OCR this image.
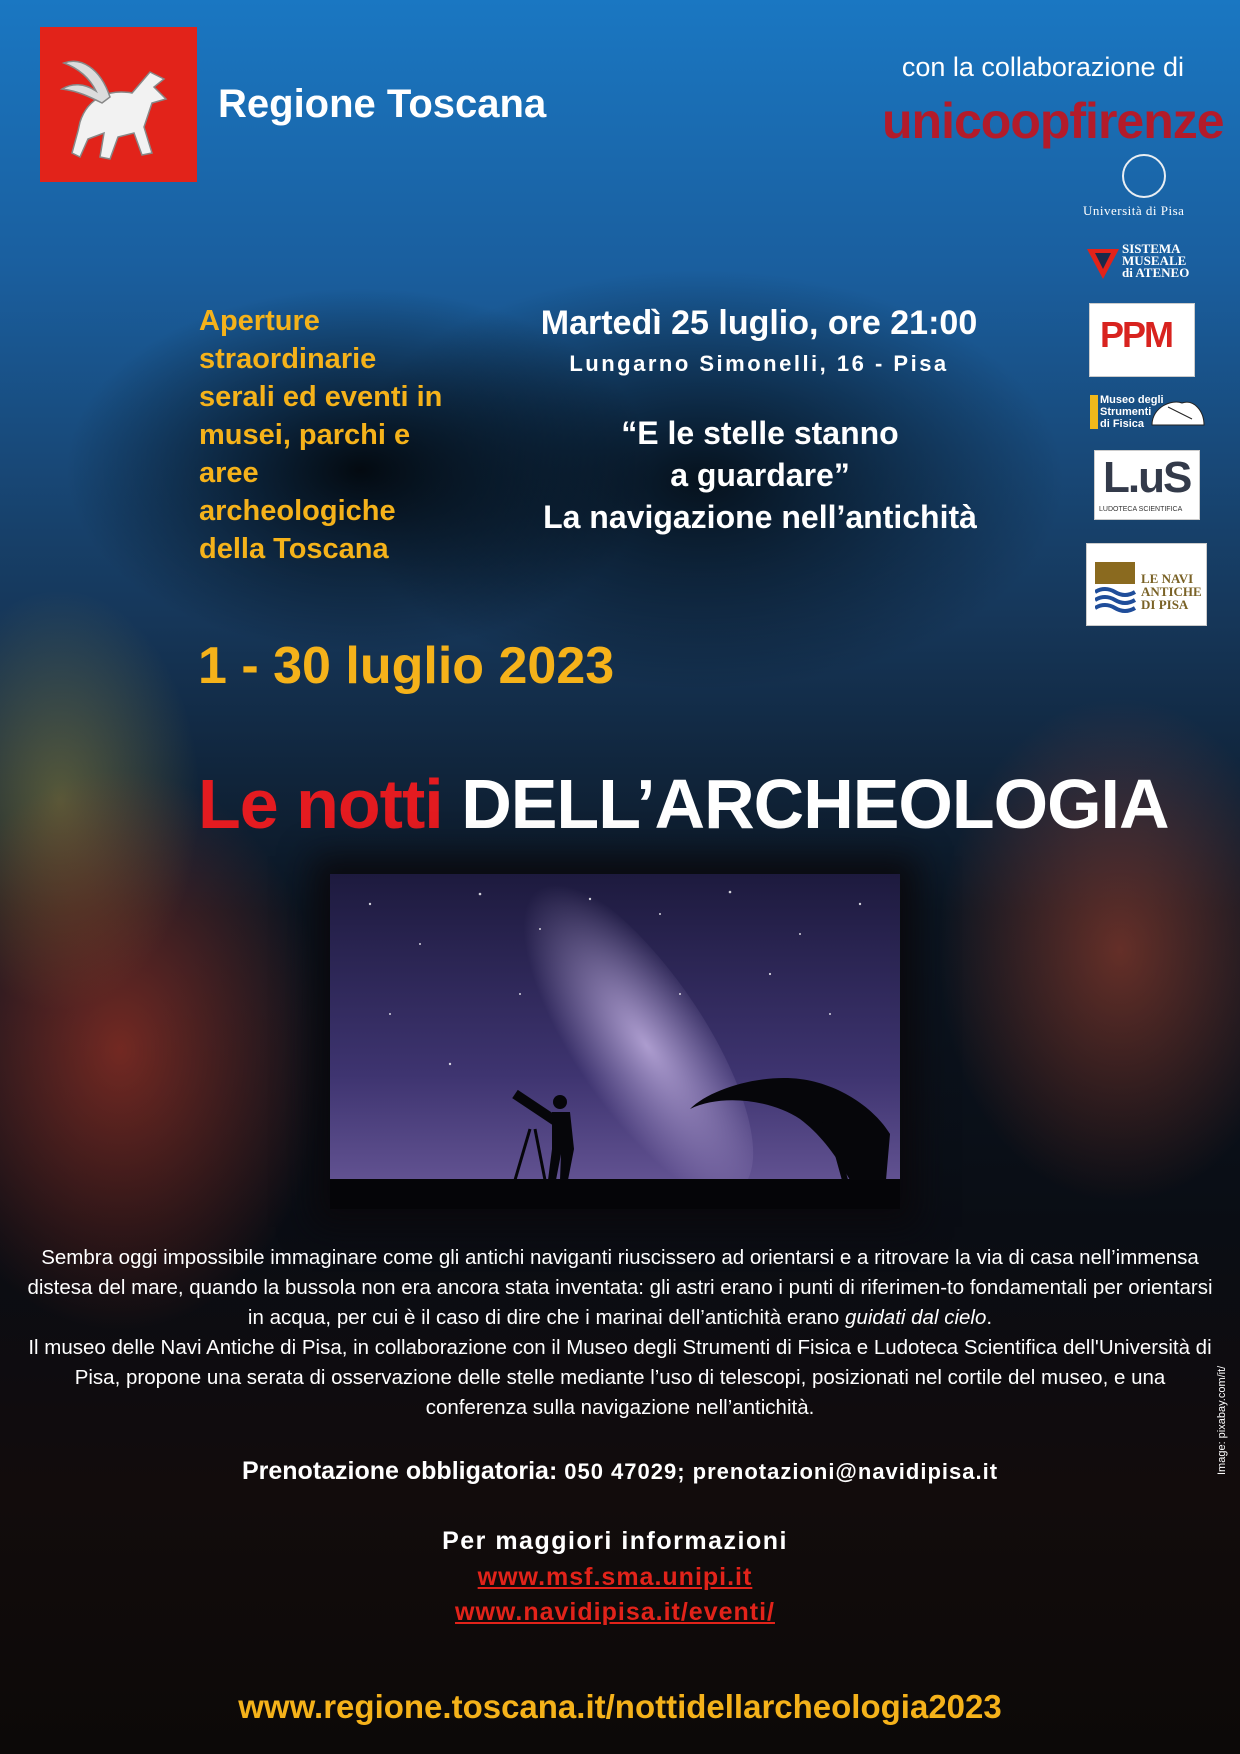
Regione Toscana
con la collaborazione di
unicoopfirenze
Università di Pisa
SISTEMA
MUSEALE
di ATENEO
PPM
Museo degli
Strumenti
di Fisica
L.uS
LUDOTECA SCIENTIFICA
LE NAVI
ANTICHE
DI PISA
Aperture straordinarie serali ed eventi in musei, parchi e aree archeologiche della Toscana
Martedì 25 luglio, ore 21:00
Lungarno Simonelli, 16 - Pisa
“E le stelle stanno
a guardare”
La navigazione nell’antichità
1 - 30 luglio 2023
Le notti DELL’ARCHEOLOGIA

Sembra oggi impossibile immaginare come gli antichi naviganti riuscissero ad orientarsi e a ritrovare la via di casa nell’immensa distesa del mare, quando la bussola non era ancora stata inventata: gli astri erano i punti di riferimen-to fondamentali per orientarsi in acqua, per cui è il caso di dire che i marinai dell’antichità erano guidati dal cielo.

Il museo delle Navi Antiche di Pisa, in collaborazione con il Museo degli Strumenti di Fisica e Ludoteca Scientifica dell'Università di Pisa, propone una serata di osservazione delle stelle mediante l’uso di telescopi, posizionati nel cortile del museo, e una conferenza sulla navigazione nell’antichità.

Prenotazione obbligatoria: 050 47029; prenotazioni@navidipisa.it
Per maggiori informazioni
www.msf.sma.unipi.it
www.navidipisa.it/eventi/
www.regione.toscana.it/nottidellarcheologia2023
Image: pixabay.com/it/
